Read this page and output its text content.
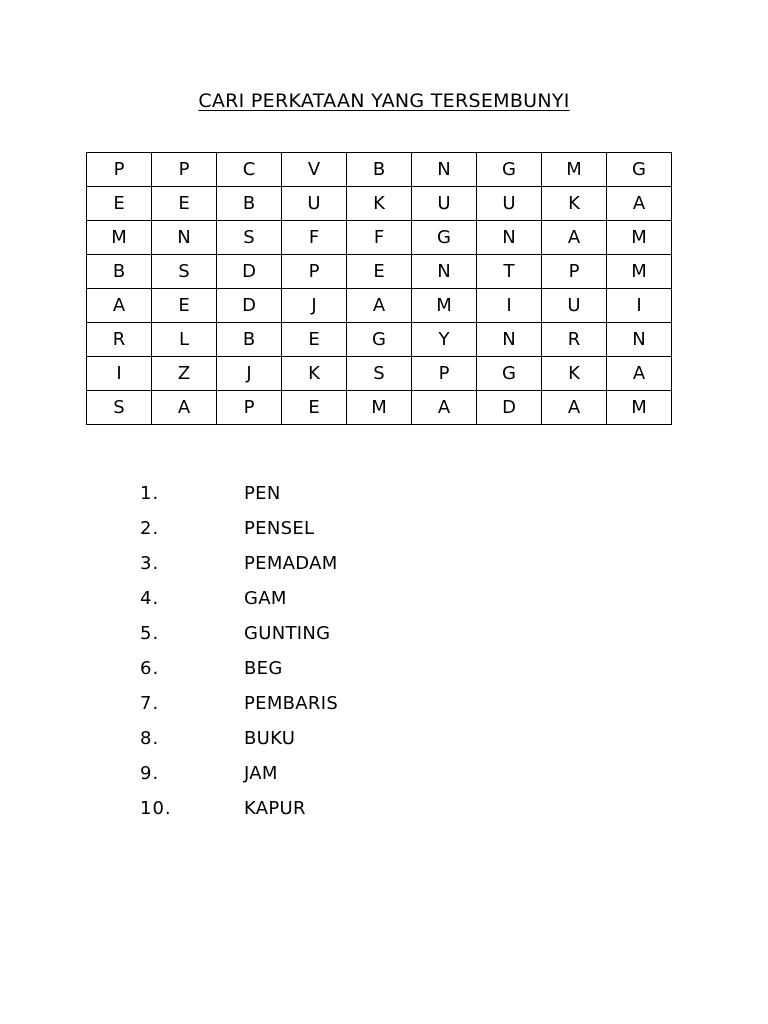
CARI PERKATAAN YANG TERSEMBUNYI
P	P	C	V	B	N	G	M	G
E	E	B	U	K	U	U	K	A
M	N	S	F	F	G	N	A	M
B	S	D	P	E	N	T	P	M
A	E	D	J	A	M	I	U	I
R	L	B	E	G	Y	N	R	N
I	Z	J	K	S	P	G	K	A
S	A	P	E	M	A	D	A	M
1.	PEN
2.	PENSEL
3.	PEMADAM
4.	GAM
5.	GUNTING
6.	BEG
7.	PEMBARIS
8.	BUKU
9.	JAM
10.	KAPUR
